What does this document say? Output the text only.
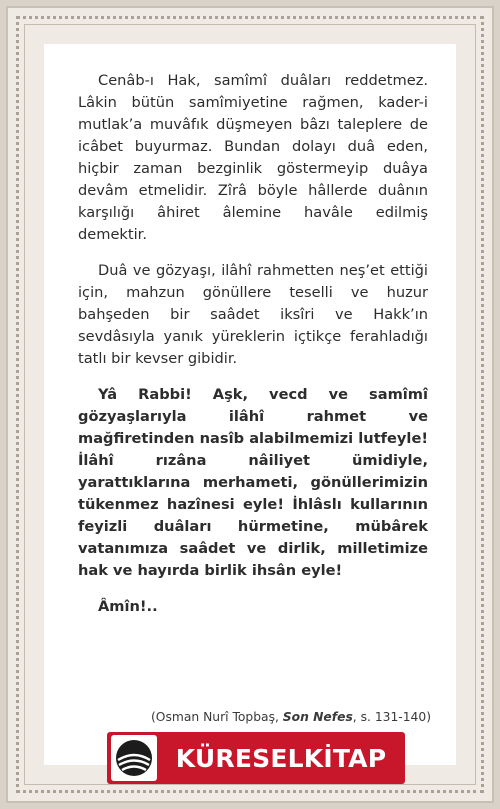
Cenâb-ı Hak, samîmî duâları reddetmez. Lâkin bütün samîmiyetine rağmen, kader-i mutlak’a muvâfık düşmeyen bâzı taleplere de icâbet buyurmaz. Bundan dolayı duâ eden, hiçbir zaman bezginlik göstermeyip duâya devâm etmelidir. Zîrâ böyle hâllerde duânın karşılığı âhiret âlemine havâle edilmiş demektir.

Duâ ve gözyaşı, ilâhî rahmetten neş’et ettiği için, mahzun gönüllere teselli ve huzur bahşeden bir saâdet iksîri ve Hakk’ın sevdâsıyla yanık yüreklerin içtikçe ferahladığı tatlı bir kevser gibidir.

Yâ Rabbi! Aşk, vecd ve samîmî gözyaşlarıyla ilâhî rahmet ve mağfiretinden nasîb alabilmemizi lutfeyle! İlâhî rızâna nâiliyet ümidiyle, yarattıklarına merhameti, gönüllerimizin tükenmez hazînesi eyle! İhlâslı kullarının feyizli duâları hürmetine, mübârek vatanımıza saâdet ve dirlik, milletimize hak ve hayırda birlik ihsân eyle!

Âmîn!..
(Osman Nurî Topbaş, Son Nefes, s. 131-140)
KÜRESELKİTAP
